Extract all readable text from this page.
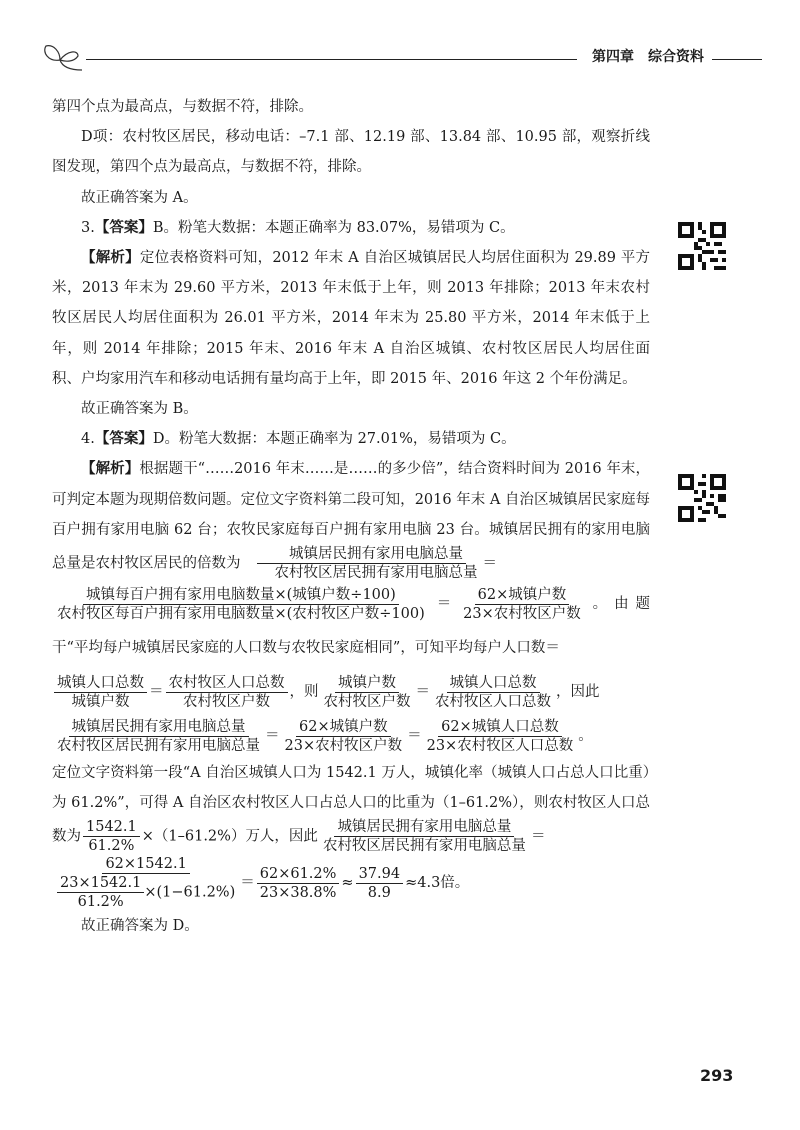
第四章 综合资料

第四个点为最高点，与数据不符，排除。

D项：农村牧区居民，移动电话：–7.1 部、12.19 部、13.84 部、10.95 部，观察折线图发现，第四个点为最高点，与数据不符，排除。

故正确答案为 A。

3.【答案】B。粉笔大数据：本题正确率为 83.07%，易错项为 C。

【解析】定位表格资料可知，2012 年末 A 自治区城镇居民人均居住面积为 29.89 平方米，2013 年末为 29.60 平方米，2013 年末低于上年，则 2013 年排除；2013 年末农村牧区居民人均居住面积为 26.01 平方米，2014 年末为 25.80 平方米，2014 年末低于上年，则 2014 年排除；2015 年末、2016 年末 A 自治区城镇、农村牧区居民人均居住面积、户均家用汽车和移动电话拥有量均高于上年，即 2015 年、2016 年这 2 个年份满足。

故正确答案为 B。

4.【答案】D。粉笔大数据：本题正确率为 27.01%，易错项为 C。

【解析】根据题干“……2016 年末……是……的多少倍”，结合资料时间为 2016 年末，可判定本题为现期倍数问题。定位文字资料第二段可知，2016 年末 A 自治区城镇居民家庭每百户拥有家用电脑 62 台；农牧民家庭每百户拥有家用电脑 23 台。城镇居民拥有的家用电脑总量是农村牧区居民的倍数为 $\frac{\text{城镇居民拥有家用电脑总量}}{\text{农村牧区居民拥有家用电脑总量}}$ ＝

$\frac{\text{城镇每百户拥有家用电脑数量×(城镇户数÷100)}}{\text{农村牧区每百户拥有家用电脑数量×(农村牧区户数÷100)}} = \frac{\text{62×城镇户数}}{\text{23×农村牧区户数}}$ 。由题干“平均每户城镇居民家庭的人口数与农牧民家庭相同”，可知平均每户人口数＝

$\frac{\text{城镇人口总数}}{\text{城镇户数}} = \frac{\text{农村牧区人口总数}}{\text{农村牧区户数}}$ ，则 $\frac{\text{城镇户数}}{\text{农村牧区户数}} = \frac{\text{城镇人口总数}}{\text{农村牧区人口总数}}$ ，因此

$\frac{\text{城镇居民拥有家用电脑总量}}{\text{农村牧区居民拥有家用电脑总量}} = \frac{\text{62×城镇户数}}{\text{23×农村牧区户数}} = \frac{\text{62×城镇人口总数}}{\text{23×农村牧区人口总数}}$ 。

定位文字资料第一段“A 自治区城镇人口为 1542.1 万人，城镇化率（城镇人口占总人口比重）为 61.2%”，可得 A 自治区农村牧区人口占总人口的比重为（1–61.2%），则农村牧区人口总数为 $\frac{1542.1}{61.2\%} \times(1-61.2\%)$万人，因此 $\frac{\text{城镇居民拥有家用电脑总量}}{\text{农村牧区居民拥有家用电脑总量}}$ ＝

$\frac{62\times 1542.1}{\frac{23\times 1542.1}{61.2\%} \times(1-61.2\%)} = \frac{62\times 61.2\%}{23\times 38.8\%} \approx \frac{37.94}{8.9} \approx 4.3$倍。

故正确答案为 D。

293
